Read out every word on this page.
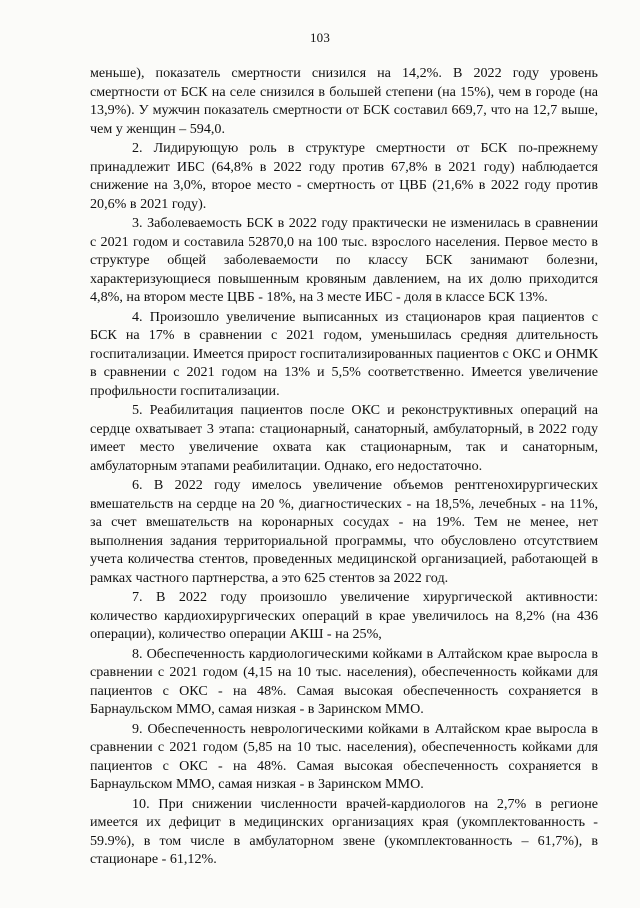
103

меньше), показатель смертности снизился на 14,2%. В 2022 году уровень смертности от БСК на селе снизился в большей степени (на 15%), чем в городе (на 13,9%). У мужчин показатель смертности от БСК составил 669,7, что на 12,7 выше, чем у женщин – 594,0.

2. Лидирующую роль в структуре смертности от БСК по-прежнему принадлежит ИБС (64,8% в 2022 году против 67,8% в 2021 году) наблюдается снижение на 3,0%, второе место - смертность от ЦВБ (21,6% в 2022 году против 20,6% в 2021 году).

3. Заболеваемость БСК в 2022 году практически не изменилась в сравнении с 2021 годом и составила 52870,0 на 100 тыс. взрослого населения. Первое место в структуре общей заболеваемости по классу БСК занимают болезни, характеризующиеся повышенным кровяным давлением, на их долю приходится 4,8%, на втором месте ЦВБ - 18%, на 3 месте ИБС - доля в классе БСК 13%.

4. Произошло увеличение выписанных из стационаров края пациентов с БСК на 17% в сравнении с 2021 годом, уменьшилась средняя длительность госпитализации. Имеется прирост госпитализированных пациентов с ОКС и ОНМК в сравнении с 2021 годом на 13% и 5,5% соответственно. Имеется увеличение профильности госпитализации.

5. Реабилитация пациентов после ОКС и реконструктивных операций на сердце охватывает 3 этапа: стационарный, санаторный, амбулаторный, в 2022 году имеет место увеличение охвата как стационарным, так и санаторным, амбулаторным этапами реабилитации. Однако, его недостаточно.

6. В 2022 году имелось увеличение объемов рентгенохирургических вмешательств на сердце на 20 %, диагностических - на 18,5%, лечебных - на 11%, за счет вмешательств на коронарных сосудах - на 19%. Тем не менее, нет выполнения задания территориальной программы, что обусловлено отсутствием учета количества стентов, проведенных медицинской организацией, работающей в рамках частного партнерства, а это 625 стентов за 2022 год.

7. В 2022 году произошло увеличение хирургической активности: количество кардиохирургических операций в крае увеличилось на 8,2% (на 436 операции), количество операции АКШ - на 25%,

8. Обеспеченность кардиологическими койками в Алтайском крае выросла в сравнении с 2021 годом (4,15 на 10 тыс. населения), обеспеченность койками для пациентов с ОКС - на 48%. Самая высокая обеспеченность сохраняется в Барнаульском ММО, самая низкая - в Заринском ММО.

9. Обеспеченность неврологическими койками в Алтайском крае выросла в сравнении с 2021 годом (5,85 на 10 тыс. населения), обеспеченность койками для пациентов с ОКС - на 48%. Самая высокая обеспеченность сохраняется в Барнаульском ММО, самая низкая - в Заринском ММО.

10. При снижении численности врачей-кардиологов на 2,7% в регионе имеется их дефицит в медицинских организациях края (укомплектованность - 59.9%), в том числе в амбулаторном звене (укомплектованность – 61,7%), в стационаре - 61,12%.
